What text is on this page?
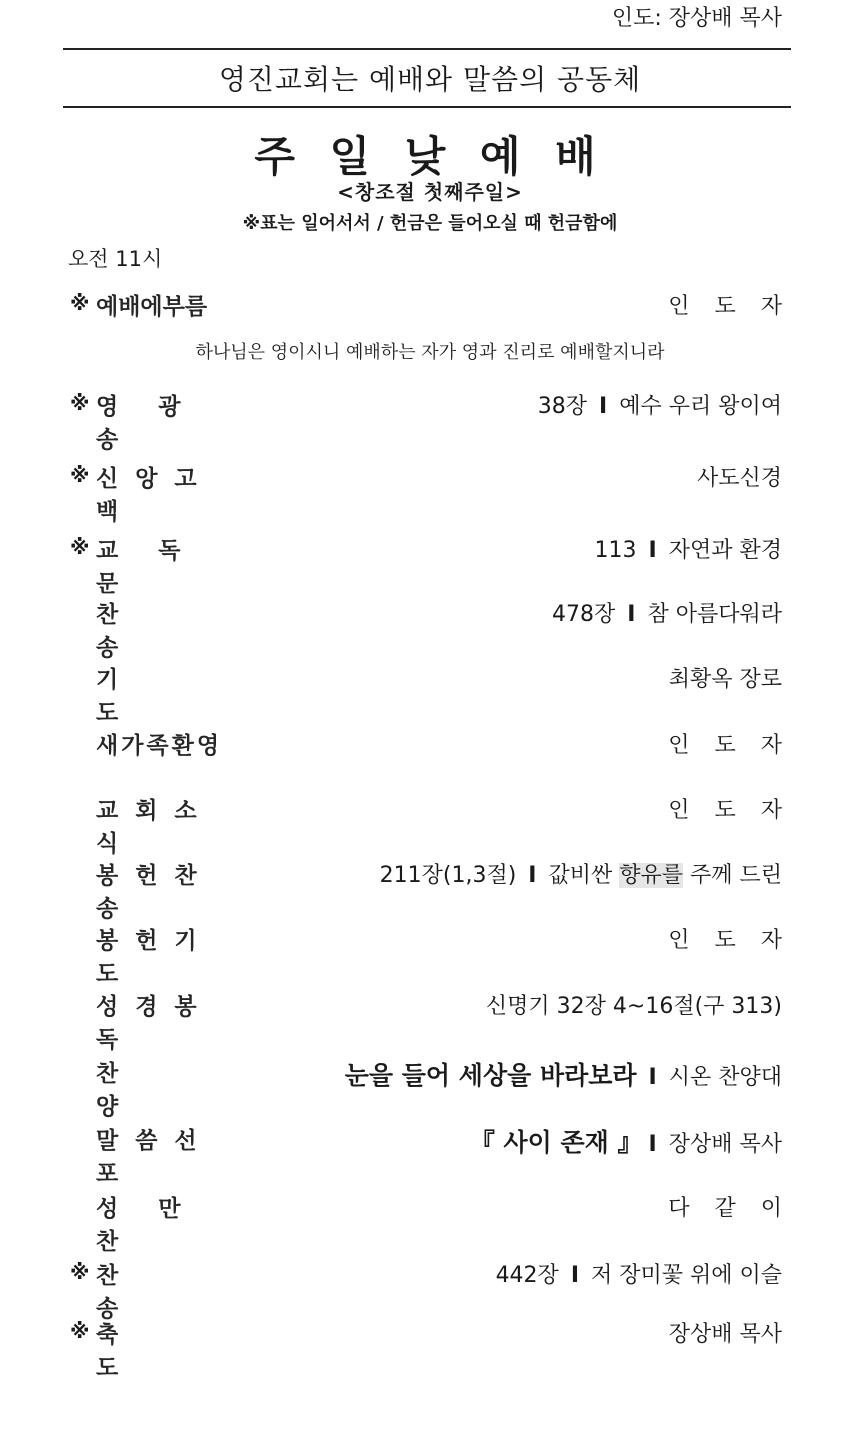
영진교회는 예배와 말씀의 공동체
주 일 낮 예 배
<창조절 첫째주일>
※표는 일어서서 / 헌금은 들어오실 때 헌금함에
오전 11시
인도: 장상배 목사
※ 예배에부름	인 도 자
하나님은 영이시니 예배하는 자가 영과 진리로 예배할지니라
※ 영광송
38장 I 예수 우리 왕이여
※ 신앙고백
사도신경
※ 교독문
113 I 자연과 환경
찬송
478장 I 참 아름다워라
기도
최황옥 장로
새가족환영	인 도 자
교회소식
인 도 자
봉헌찬송
211장(1,3절) I 값비싼 향유를 주께 드린
봉헌기도
인 도 자
성경봉독
신명기 32장 4~16절(구 313)
찬양
눈을 들어 세상을 바라보라 I 시온 찬양대
말씀선포
『 사이 존재 』 I 장상배 목사
성만찬
다 같 이
※ 찬송
442장 I 저 장미꽃 위에 이슬
※ 축도
장상배 목사
